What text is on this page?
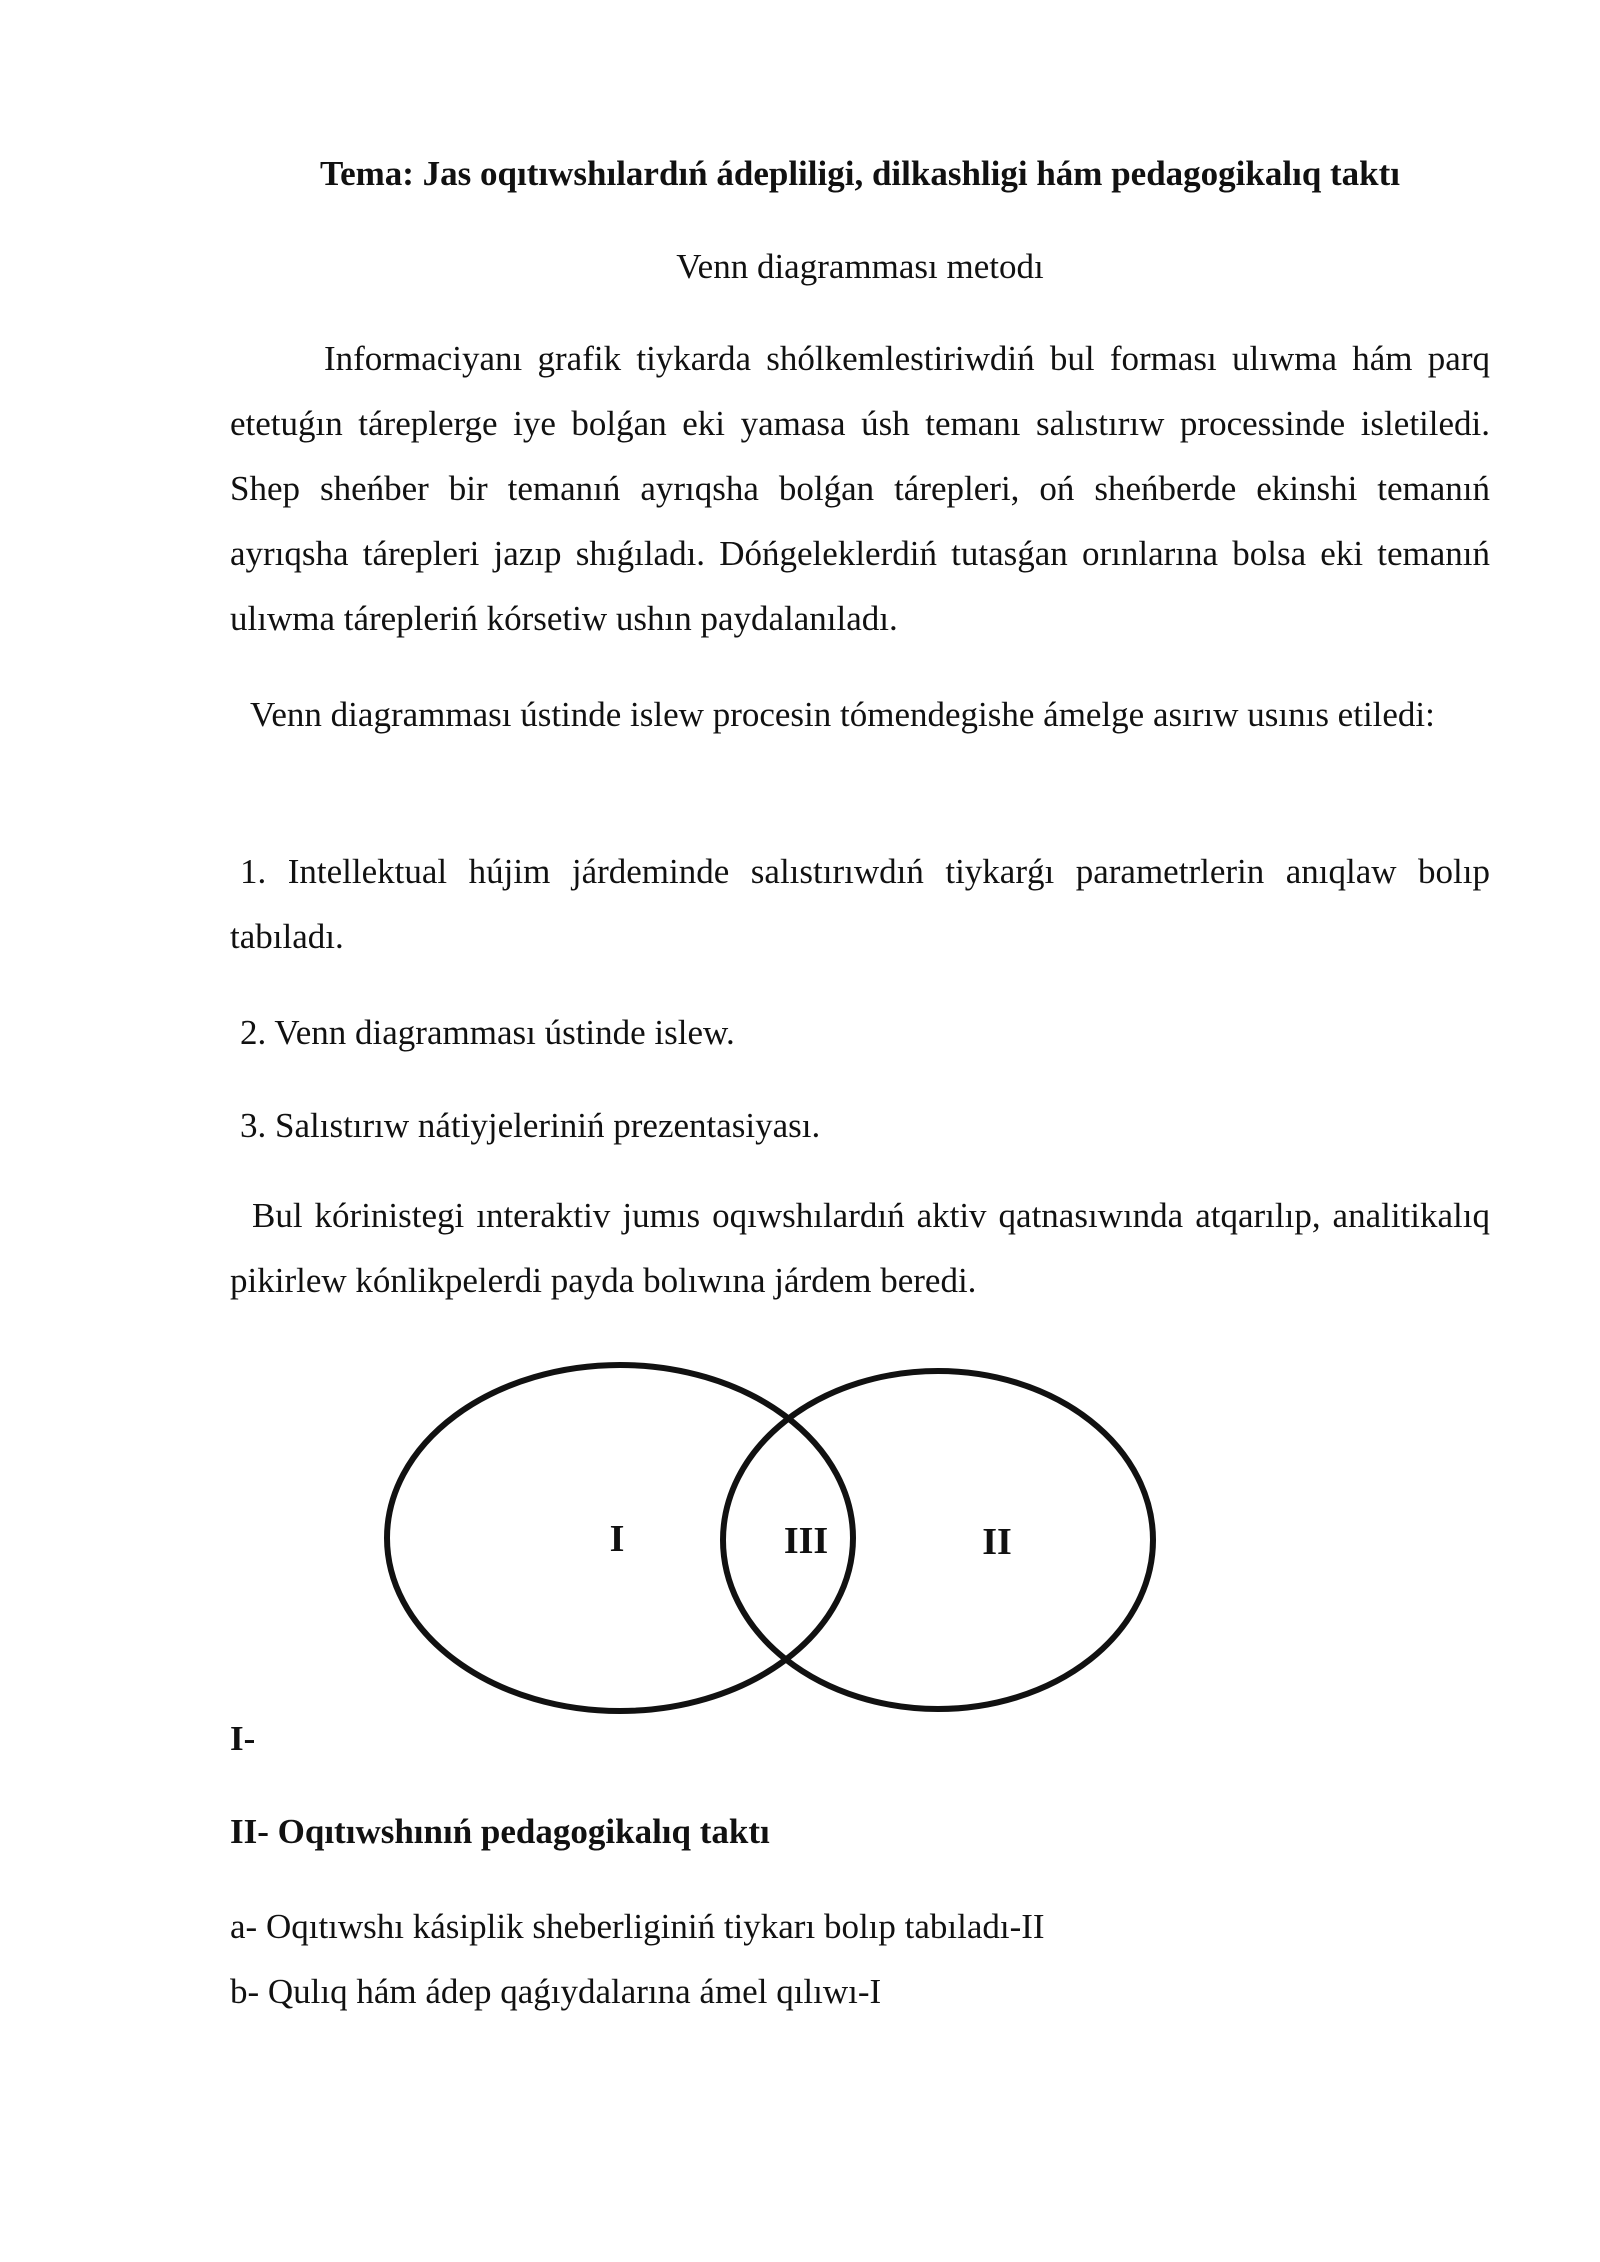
Tema: Jas oqıtıwshılardıń ádepliligi, dilkashligi hám pedagogikalıq taktı

Venn diagramması metodı

Informaciyanı grafik tiykarda shólkemlestiriwdiń bul forması ulıwma hám parq etetuǵın táreplerge iye bolǵan eki yamasa úsh temanı salıstırıw processinde isletiledi. Shep sheńber bir temanıń ayrıqsha bolǵan tárepleri, oń sheńberde ekinshi temanıń ayrıqsha tárepleri jazıp shıǵıladı. Dóńgeleklerdiń tutasǵan orınlarına bolsa eki temanıń ulıwma tárepleriń kórsetiw ushın paydalanıladı.

Venn diagramması ústinde islew procesin tómendegishe ámelge asırıw usınıs etiledi:

1. Intellektual hújim járdeminde salıstırıwdıń tiykarǵı parametrlerin anıqlaw bolıp tabıladı.

2. Venn diagramması ústinde islew.

3. Salıstırıw nátiyjeleriniń prezentasiyası.

Bul kórinistegi ınteraktiv jumıs oqıwshılardıń aktiv qatnasıwında atqarılıp, analitikalıq pikirlew kónlikpelerdi payda bolıwına járdem beredi.

I	III	II

I-

II- Oqıtıwshınıń pedagogikalıq taktı

a- Oqıtıwshı kásiplik sheberliginiń tiykarı bolıp tabıladı-II

b- Qulıq hám ádep qaǵıydalarına ámel qılıwı-I
